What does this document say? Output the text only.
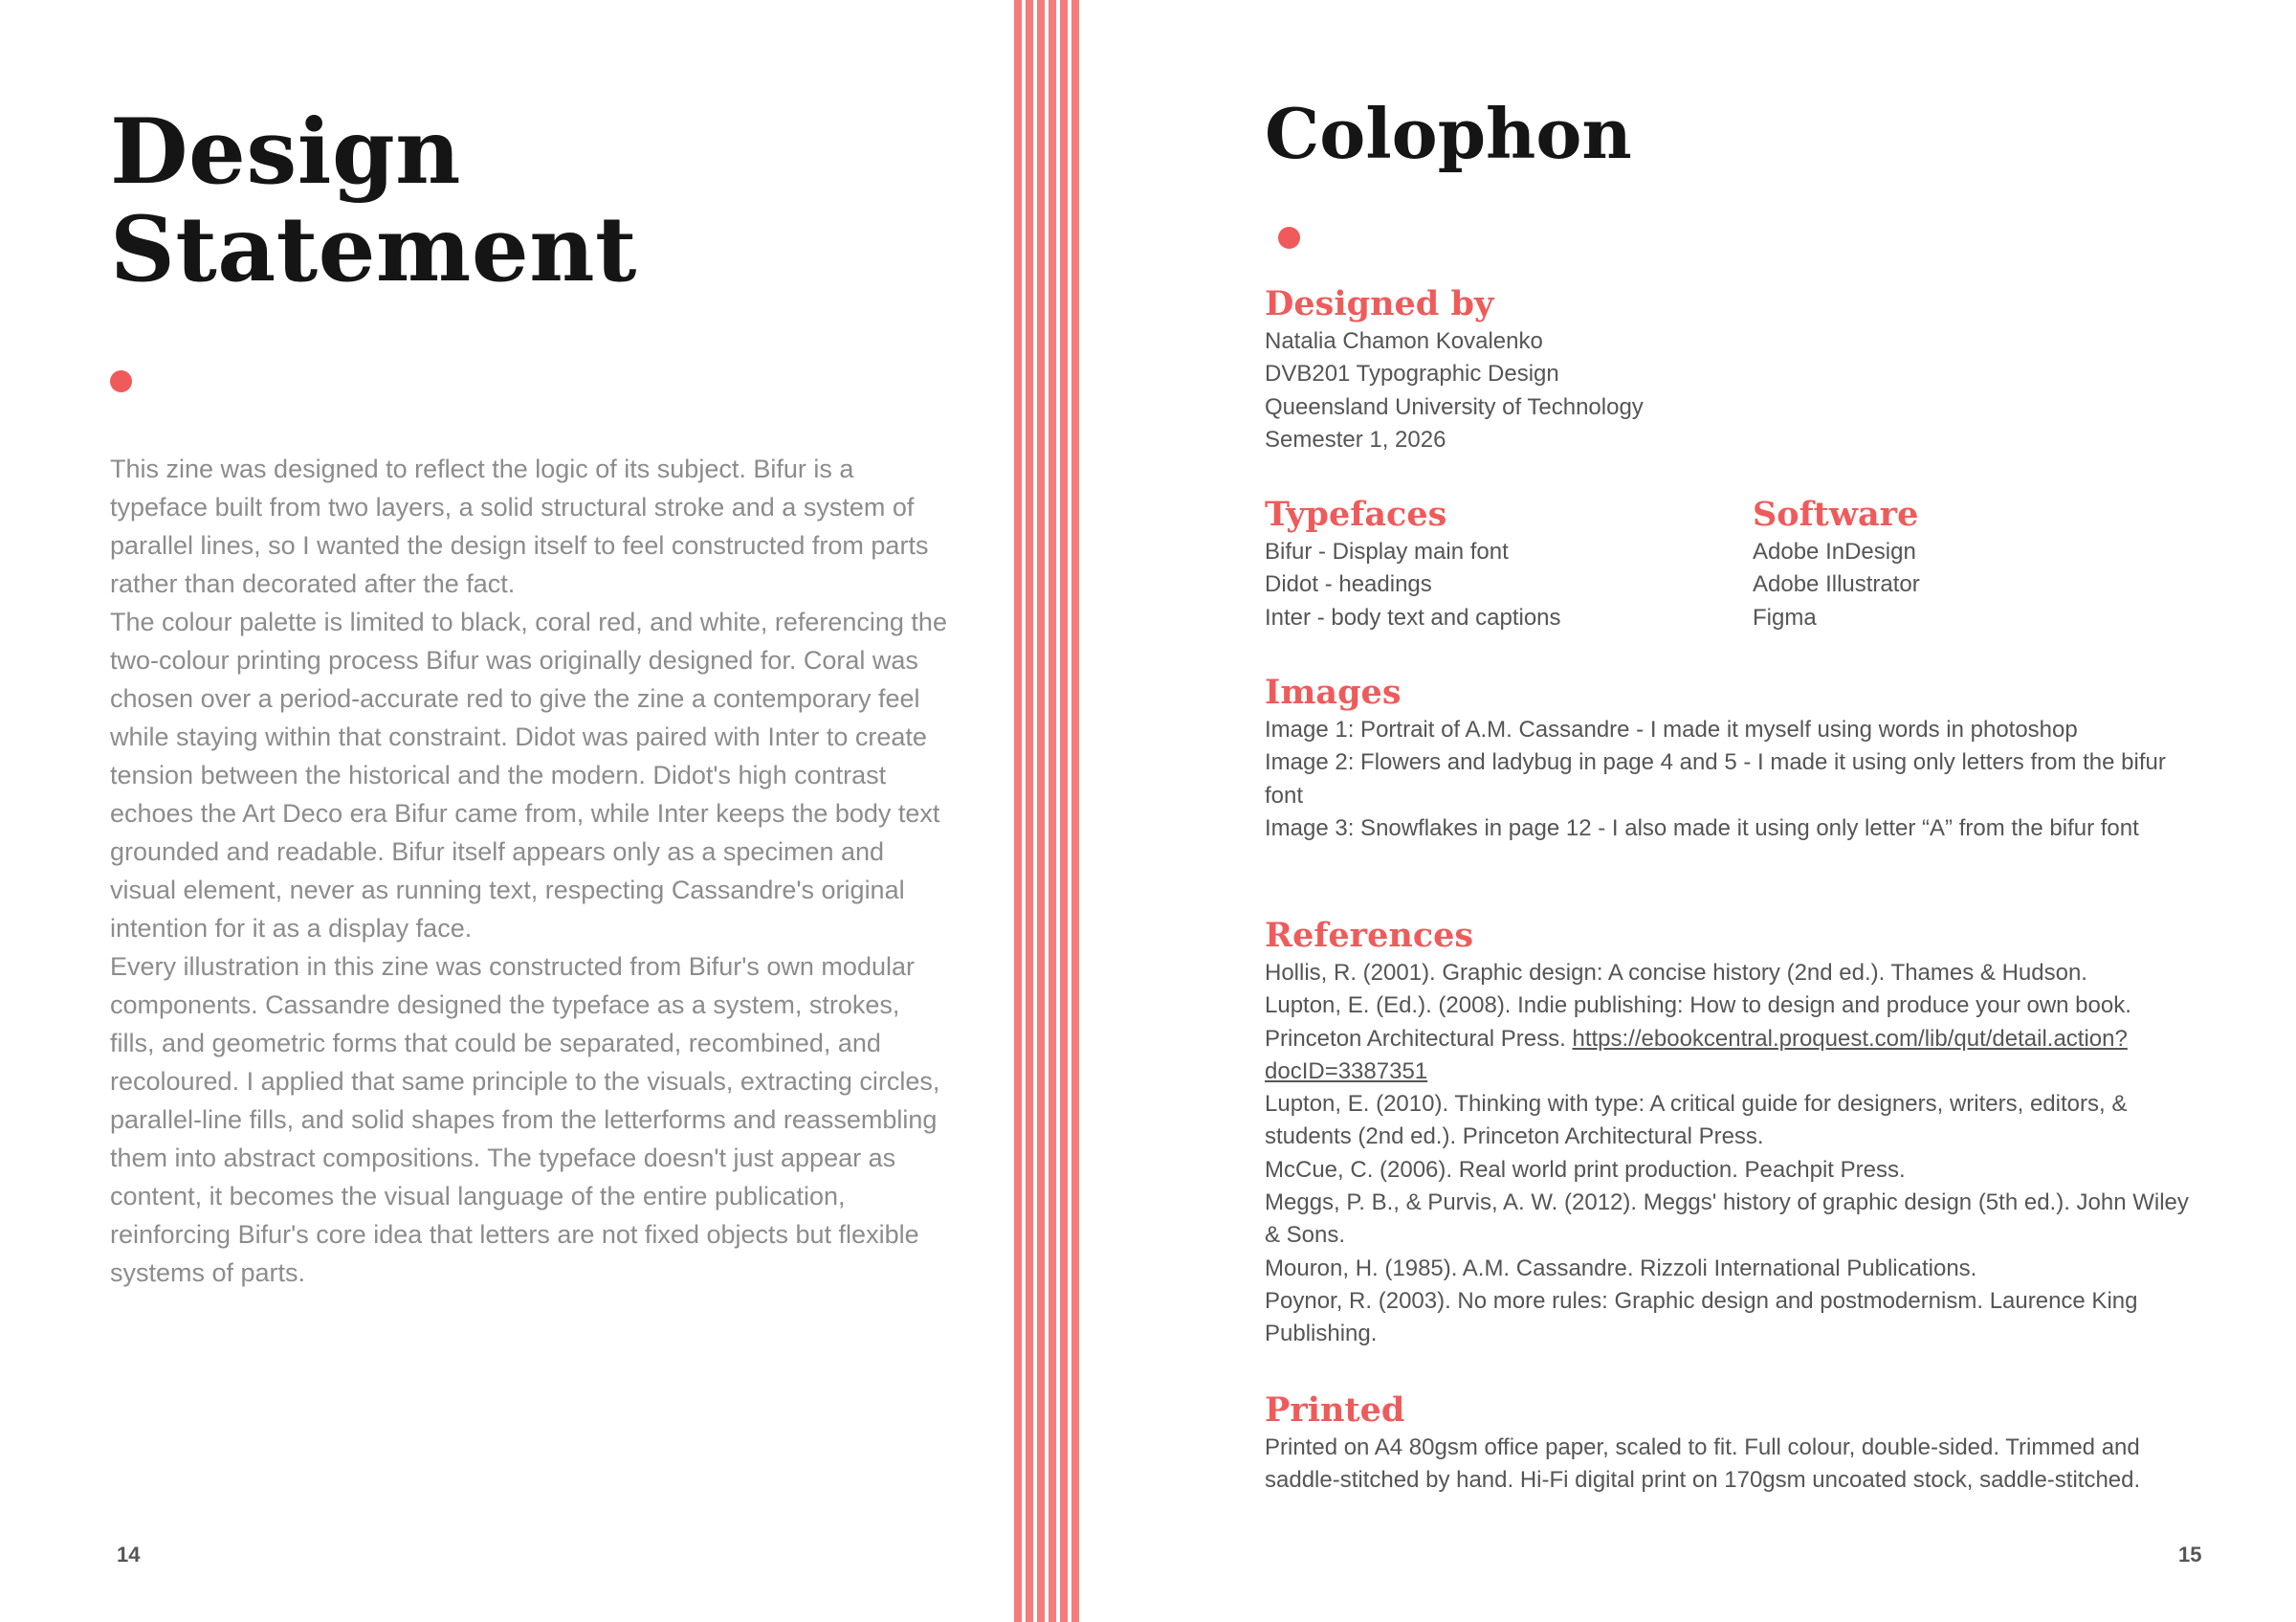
Design
Statement

This zine was designed to reflect the logic of its subject. Bifur is a typeface built from two layers, a solid structural stroke and a system of parallel lines, so I wanted the design itself to feel constructed from parts rather than decorated after the fact.

The colour palette is limited to black, coral red, and white, referencing the two-colour printing process Bifur was originally designed for. Coral was chosen over a period-accurate red to give the zine a contemporary feel while staying within that constraint. Didot was paired with Inter to create tension between the historical and the modern. Didot's high contrast echoes the Art Deco era Bifur came from, while Inter keeps the body text grounded and readable. Bifur itself appears only as a specimen and visual element, never as running text, respecting Cassandre's original intention for it as a display face.

Every illustration in this zine was constructed from Bifur's own modular components. Cassandre designed the typeface as a system, strokes, fills, and geometric forms that could be separated, recombined, and recoloured. I applied that same principle to the visuals, extracting circles, parallel-line fills, and solid shapes from the letterforms and reassembling them into abstract compositions. The typeface doesn't just appear as content, it becomes the visual language of the entire publication, reinforcing Bifur's core idea that letters are not fixed objects but flexible systems of parts.

14

Colophon
Designed by
Natalia Chamon Kovalenko
DVB201 Typographic Design
Queensland University of Technology
Semester 1, 2026
Typefaces
Bifur - Display main font
Didot - headings
Inter - body text and captions
Software
Adobe InDesign
Adobe Illustrator
Figma
Images
Image 1: Portrait of A.M. Cassandre - I made it myself using words in photoshop
Image 2: Flowers and ladybug in page 4 and 5 - I made it using only letters from the bifur font
Image 3: Snowflakes in page 12 - I also made it using only letter “A” from the bifur font
References
Hollis, R. (2001). Graphic design: A concise history (2nd ed.). Thames & Hudson.
Lupton, E. (Ed.). (2008). Indie publishing: How to design and produce your own book. Princeton Architectural Press. https://ebookcentral.proquest.com/lib/qut/detail.action?docID=3387351
Lupton, E. (2010). Thinking with type: A critical guide for designers, writers, editors, & students (2nd ed.). Princeton Architectural Press.
McCue, C. (2006). Real world print production. Peachpit Press.
Meggs, P. B., & Purvis, A. W. (2012). Meggs' history of graphic design (5th ed.). John Wiley & Sons.
Mouron, H. (1985). A.M. Cassandre. Rizzoli International Publications.
Poynor, R. (2003). No more rules: Graphic design and postmodernism. Laurence King Publishing.
Printed
Printed on A4 80gsm office paper, scaled to fit. Full colour, double-sided. Trimmed and saddle-stitched by hand. Hi-Fi digital print on 170gsm uncoated stock, saddle-stitched.

15
